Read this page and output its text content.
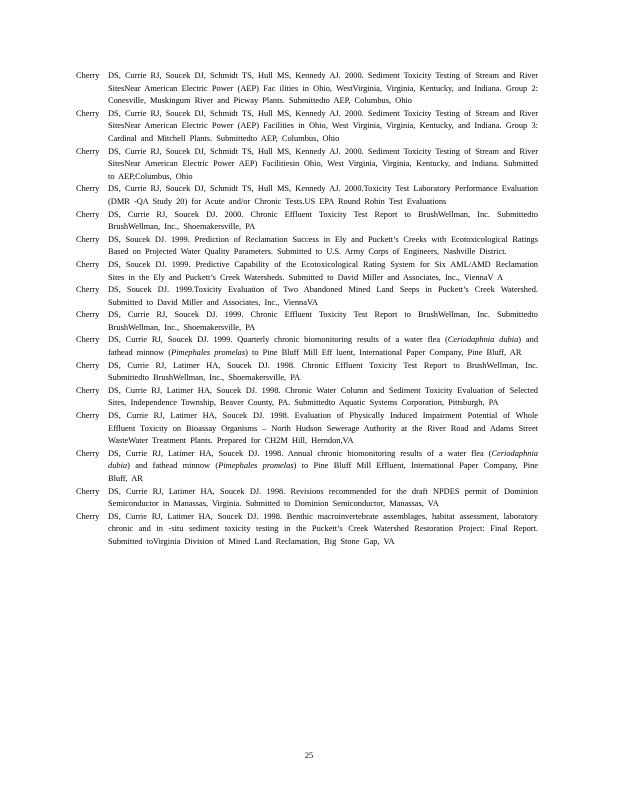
Cherry DS, Currie RJ, Soucek DJ, Schmidt TS, Hull MS, Kennedy AJ. 2000. Sediment Toxicity Testing of Stream and River SitesNear American Electric Power (AEP) Fac ilities in Ohio, WestVirginia, Virginia, Kentucky, and Indiana. Group 2: Conesville, Muskingum River and Picway Plants. Submittedto AEP, Columbus, Ohio
Cherry DS, Currie RJ, Soucek DJ, Schmidt TS, Hull MS, Kennedy AJ. 2000. Sediment Toxicity Testing of Stream and River SitesNear American Electric Power (AEP) Facilities in Ohio, West Virginia, Virginia, Kentucky, and Indiana. Group 3: Cardinal and Mitchell Plants. Submittedto AEP, Columbus, Ohio
Cherry DS, Currie RJ, Soucek DJ, Schmidt TS, Hull MS, Kennedy AJ. 2000. Sediment Toxicity Testing of Stream and River SitesNear American Electric Power AEP) Facilitiesin Ohio, West Virginia, Virginia, Kentucky, and Indiana. Submitted to AEP,Columbus, Ohio
Cherry DS, Currie RJ, Soucek DJ, Schmidt TS, Hull MS, Kennedy AJ. 2000.Toxicity Test Laboratory Performance Evaluation (DMR -QA Study 20) for Acute and/or Chronic Tests.US EPA Round Robin Test Evaluations
Cherry DS, Currie RJ, Soucek DJ. 2000. Chronic Effluent Toxicity Test Report to BrushWellman, Inc. Submittedto BrushWellman, Inc., Shoemakersville, PA
Cherry DS, Soucek DJ. 1999. Prediction of Reclamation Success in Ely and Puckett’s Creeks with Ecotoxicological Ratings Based on Projected Water Quality Parameters. Submitted to U.S. Army Corps of Engineers, Nashville District.
Cherry DS, Soucek DJ. 1999. Predictive Capability of the Ecotoxicological Rating System for Six AML/AMD Reclamation Sites in the Ely and Puckett’s Creek Watersheds. Submitted to David Miller and Associates, Inc., ViennaV A
Cherry DS, Soucek DJ. 1999.Toxicity Evaluation of Two Abandoned Mined Land Seeps in Puckett’s Creek Watershed. Submitted to David Miller and Associates, Inc., ViennaVA
Cherry DS, Currie RJ, Soucek DJ. 1999. Chronic Effluent Toxicity Test Report to BrushWellman, Inc. Submittedto BrushWellman, Inc., Shoemakersville, PA
Cherry DS, Currie RJ, Soucek DJ. 1999. Quarterly chronic biomonitoring results of a water flea (Ceriodaphnia dubia) and fathead minnow (Pimephales promelas) to Pine Bluff Mill Eff luent, International Paper Company, Pine Bluff, AR
Cherry DS, Currie RJ, Latimer HA, Soucek DJ. 1998. Chronic Effluent Toxicity Test Report to BrushWellman, Inc. Submittedto BrushWellman, Inc., Shoemakersville, PA
Cherry DS, Currie RJ, Latimer HA, Soucek DJ. 1998. Chronic Water Column and Sediment Toxicity Evaluation of Selected Sites, Independence Township, Beaver County, PA. Submittedto Aquatic Systems Corporation, Pittsburgh, PA
Cherry DS, Currie RJ, Latimer HA, Soucek DJ. 1998. Evaluation of Physically Induced Impairment Potential of Whole Effluent Toxicity on Bioassay Organisms – North Hudson Sewerage Authority at the River Road and Adams Street WasteWater Treatment Plants. Prepared for CH2M Hill, Herndon,VA
Cherry DS, Currie RJ, Latimer HA, Soucek DJ. 1998. Annual chronic biomonitoring results of a water flea (Ceriodaphnia dubia) and fathead minnow (Pimephales promelas) to Pine Bluff Mill Effluent, International Paper Company, Pine Bluff, AR
Cherry DS, Currie RJ, Latimer HA, Soucek DJ. 1998. Revisions recommended for the draft NPDES permit of Dominion Semiconductor in Manassas, Virginia. Submitted to Dominion Semiconductor, Manassas, VA
Cherry DS, Currie RJ, Latimer HA, Soucek DJ. 1998. Benthic macroinvertebrate assemblages, habitat assessment, laboratory chronic and in -situ sediment toxicity testing in the Puckett’s Creek Watershed Restoration Project: Final Report. Submitted toVirginia Division of Mined Land Reclamation, Big Stone Gap, VA
25
